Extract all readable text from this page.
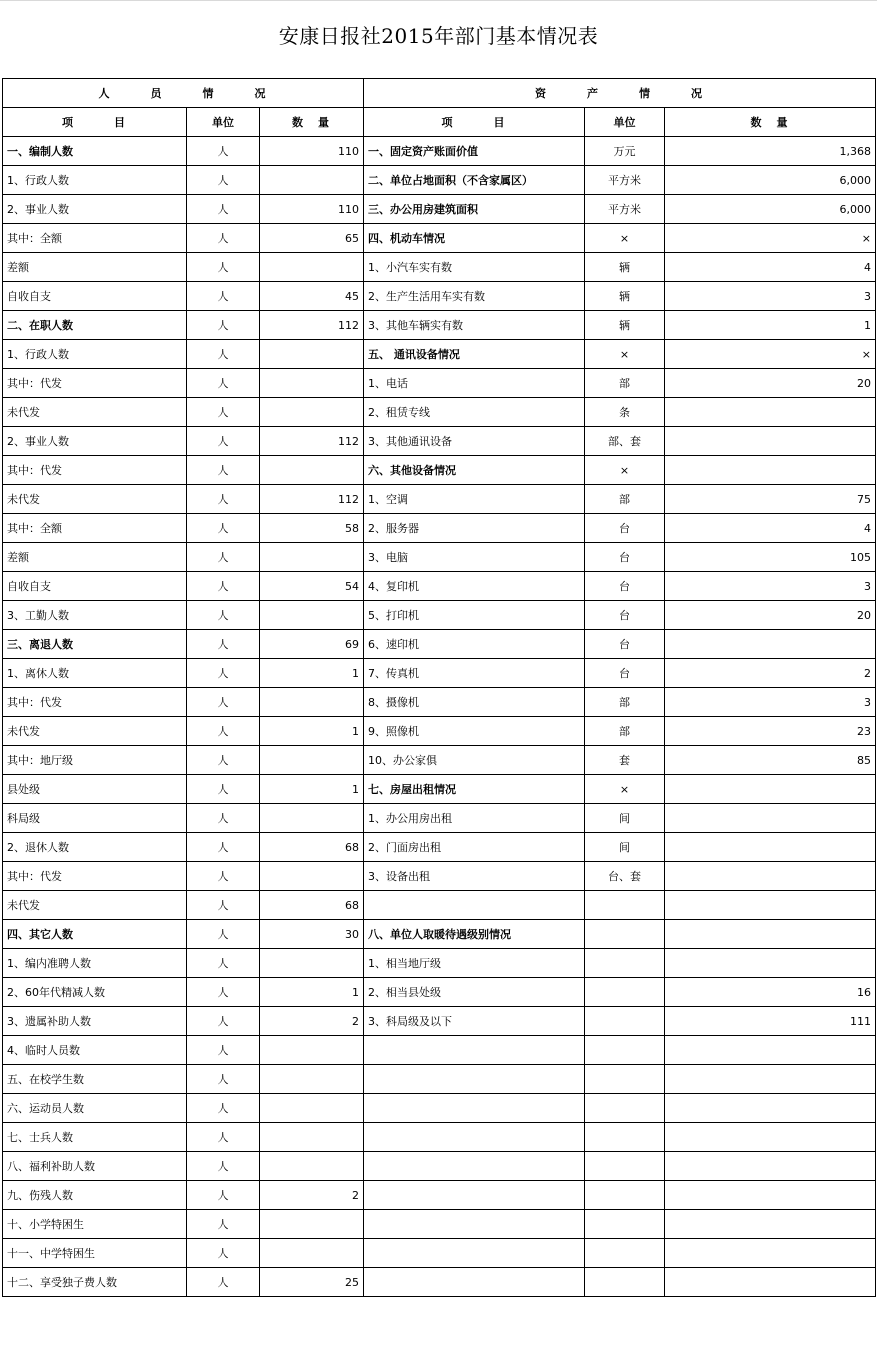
安康日报社2015年部门基本情况表
人　　　员　　　情　　　况			资　　　产　　　情　　　况		
项　　　目	单位	数　量	项　　　目	单位	数　量
一、编制人数	人	110	一、固定资产账面价值	万元	1,368
1、行政人数	人		二、单位占地面积（不含家属区）	平方米	6,000
2、事业人数	人	110	三、办公用房建筑面积	平方米	6,000
其中：全额	人	65	四、机动车情况	×	×
差额	人		1、小汽车实有数	辆	4
自收自支	人	45	2、生产生活用车实有数	辆	3
二、在职人数	人	112	3、其他车辆实有数	辆	1
1、行政人数	人		五、 通讯设备情况	×	×
其中：代发	人		1、电话	部	20
未代发	人		2、租赁专线	条	
2、事业人数	人	112	3、其他通讯设备	部、套	
其中：代发	人		六、其他设备情况	×	
未代发	人	112	1、空调	部	75
其中：全额	人	58	2、服务器	台	4
差额	人		3、电脑	台	105
自收自支	人	54	4、复印机	台	3
3、工勤人数	人		5、打印机	台	20
三、离退人数	人	69	6、速印机	台	
1、离休人数	人	1	7、传真机	台	2
其中：代发	人		8、摄像机	部	3
未代发	人	1	9、照像机	部	23
其中：地厅级	人		10、办公家俱	套	85
县处级	人	1	七、房屋出租情况	×	
科局级	人		1、办公用房出租	间	
2、退休人数	人	68	2、门面房出租	间	
其中：代发	人		3、设备出租	台、套	
未代发	人	68			
四、其它人数	人	30	八、单位人取暖待遇级别情况		
1、编内准聘人数	人		1、相当地厅级		
2、60年代精减人数	人	1	2、相当县处级		16
3、遗属补助人数	人	2	3、科局级及以下		111
4、临时人员数	人				
五、在校学生数	人				
六、运动员人数	人				
七、士兵人数	人				
八、福利补助人数	人				
九、伤残人数	人	2			
十、小学特困生	人				
十一、中学特困生	人				
十二、享受独子费人数	人	25			
